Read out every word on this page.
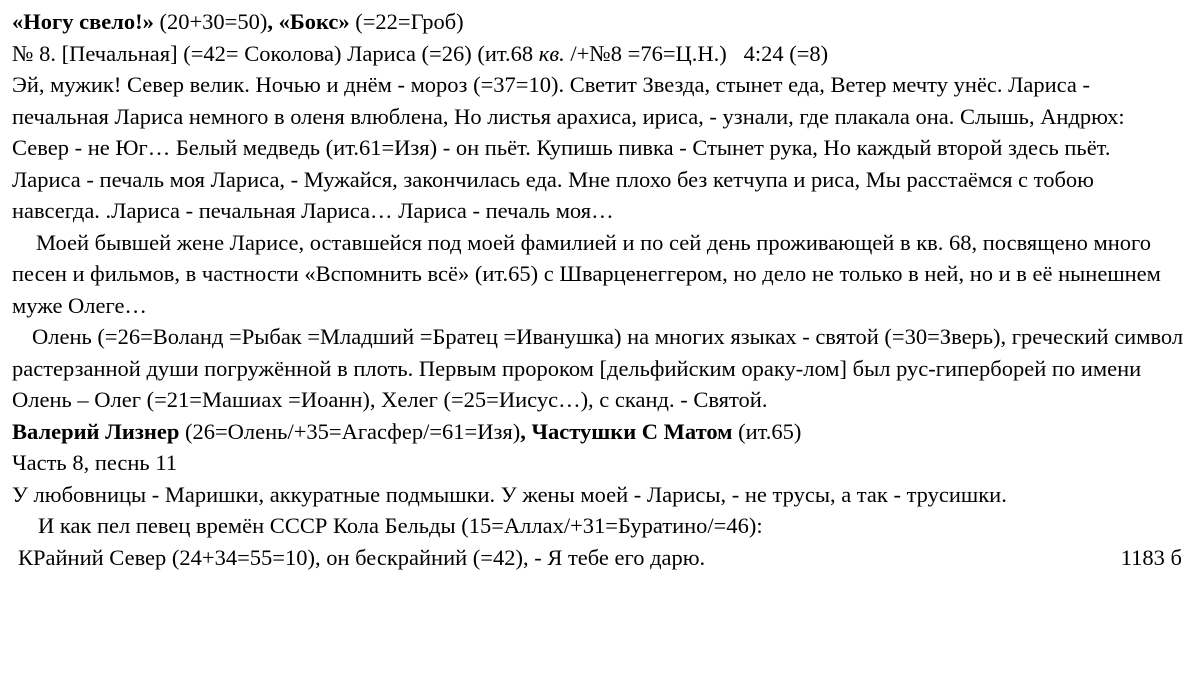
«Ногу свело!» (20+30=50), «Бокс» (=22=Гроб)
№ 8. [Печальная] (=42= Соколова) Лариса (=26) (ит.68 кв. /+№8 =76=Ц.Н.)   4:24 (=8)

Эй, мужик! Север велик. Ночью и днём - мороз (=37=10). Светит Звезда, стынет еда, Ветер мечту унёс. Лариса - печальная Лариса немного в оленя влюблена, Но листья арахиса, ириса, - узнали, где плакала она. Слышь, Андрюх: Север - не Юг… Белый медведь (ит.61=Изя) - он пьёт. Купишь пивка - Стынет рука, Но каждый второй здесь пьёт. Лариса - печаль моя Лариса, - Мужайся, закончилась еда. Мне плохо без кетчупа и риса, Мы расстаёмся с тобою навсегда. .Лариса - печальная Лариса… Лариса - печаль моя…

Моей бывшей жене Ларисе, оставшейся под моей фамилией и по сей день проживающей в кв. 68, посвящено много песен и фильмов, в частности «Вспомнить всё» (ит.65) с Шварценеггером, но дело не только в ней, но и в её нынешнем муже Олеге…

Олень (=26=Воланд =Рыбак =Младший =Братец =Иванушка) на многих языках - святой (=30=Зверь), греческий символ растерзанной души погружённой в плоть. Первым пророком [дельфийским ораку-лом] был рус-гиперборей по имени Олень – Олег (=21=Машиах =Иоанн), Хелег (=25=Иисус…), с сканд. - Святой.

Валерий Лизнер (26=Олень/+35=Агасфер/=61=Изя), Частушки С Матом (ит.65)
Часть 8, песнь 11
У любовницы - Маришки, аккуратные подмышки. У жены моей - Ларисы, - не трусы, а так - трусишки.
И как пел певец времён СССР Кола Бельды (15=Аллах/+31=Буратино/=46):
КРайний Север (24+34=55=10), он бескрайний (=42), - Я тебе его дарю.	1183 б
